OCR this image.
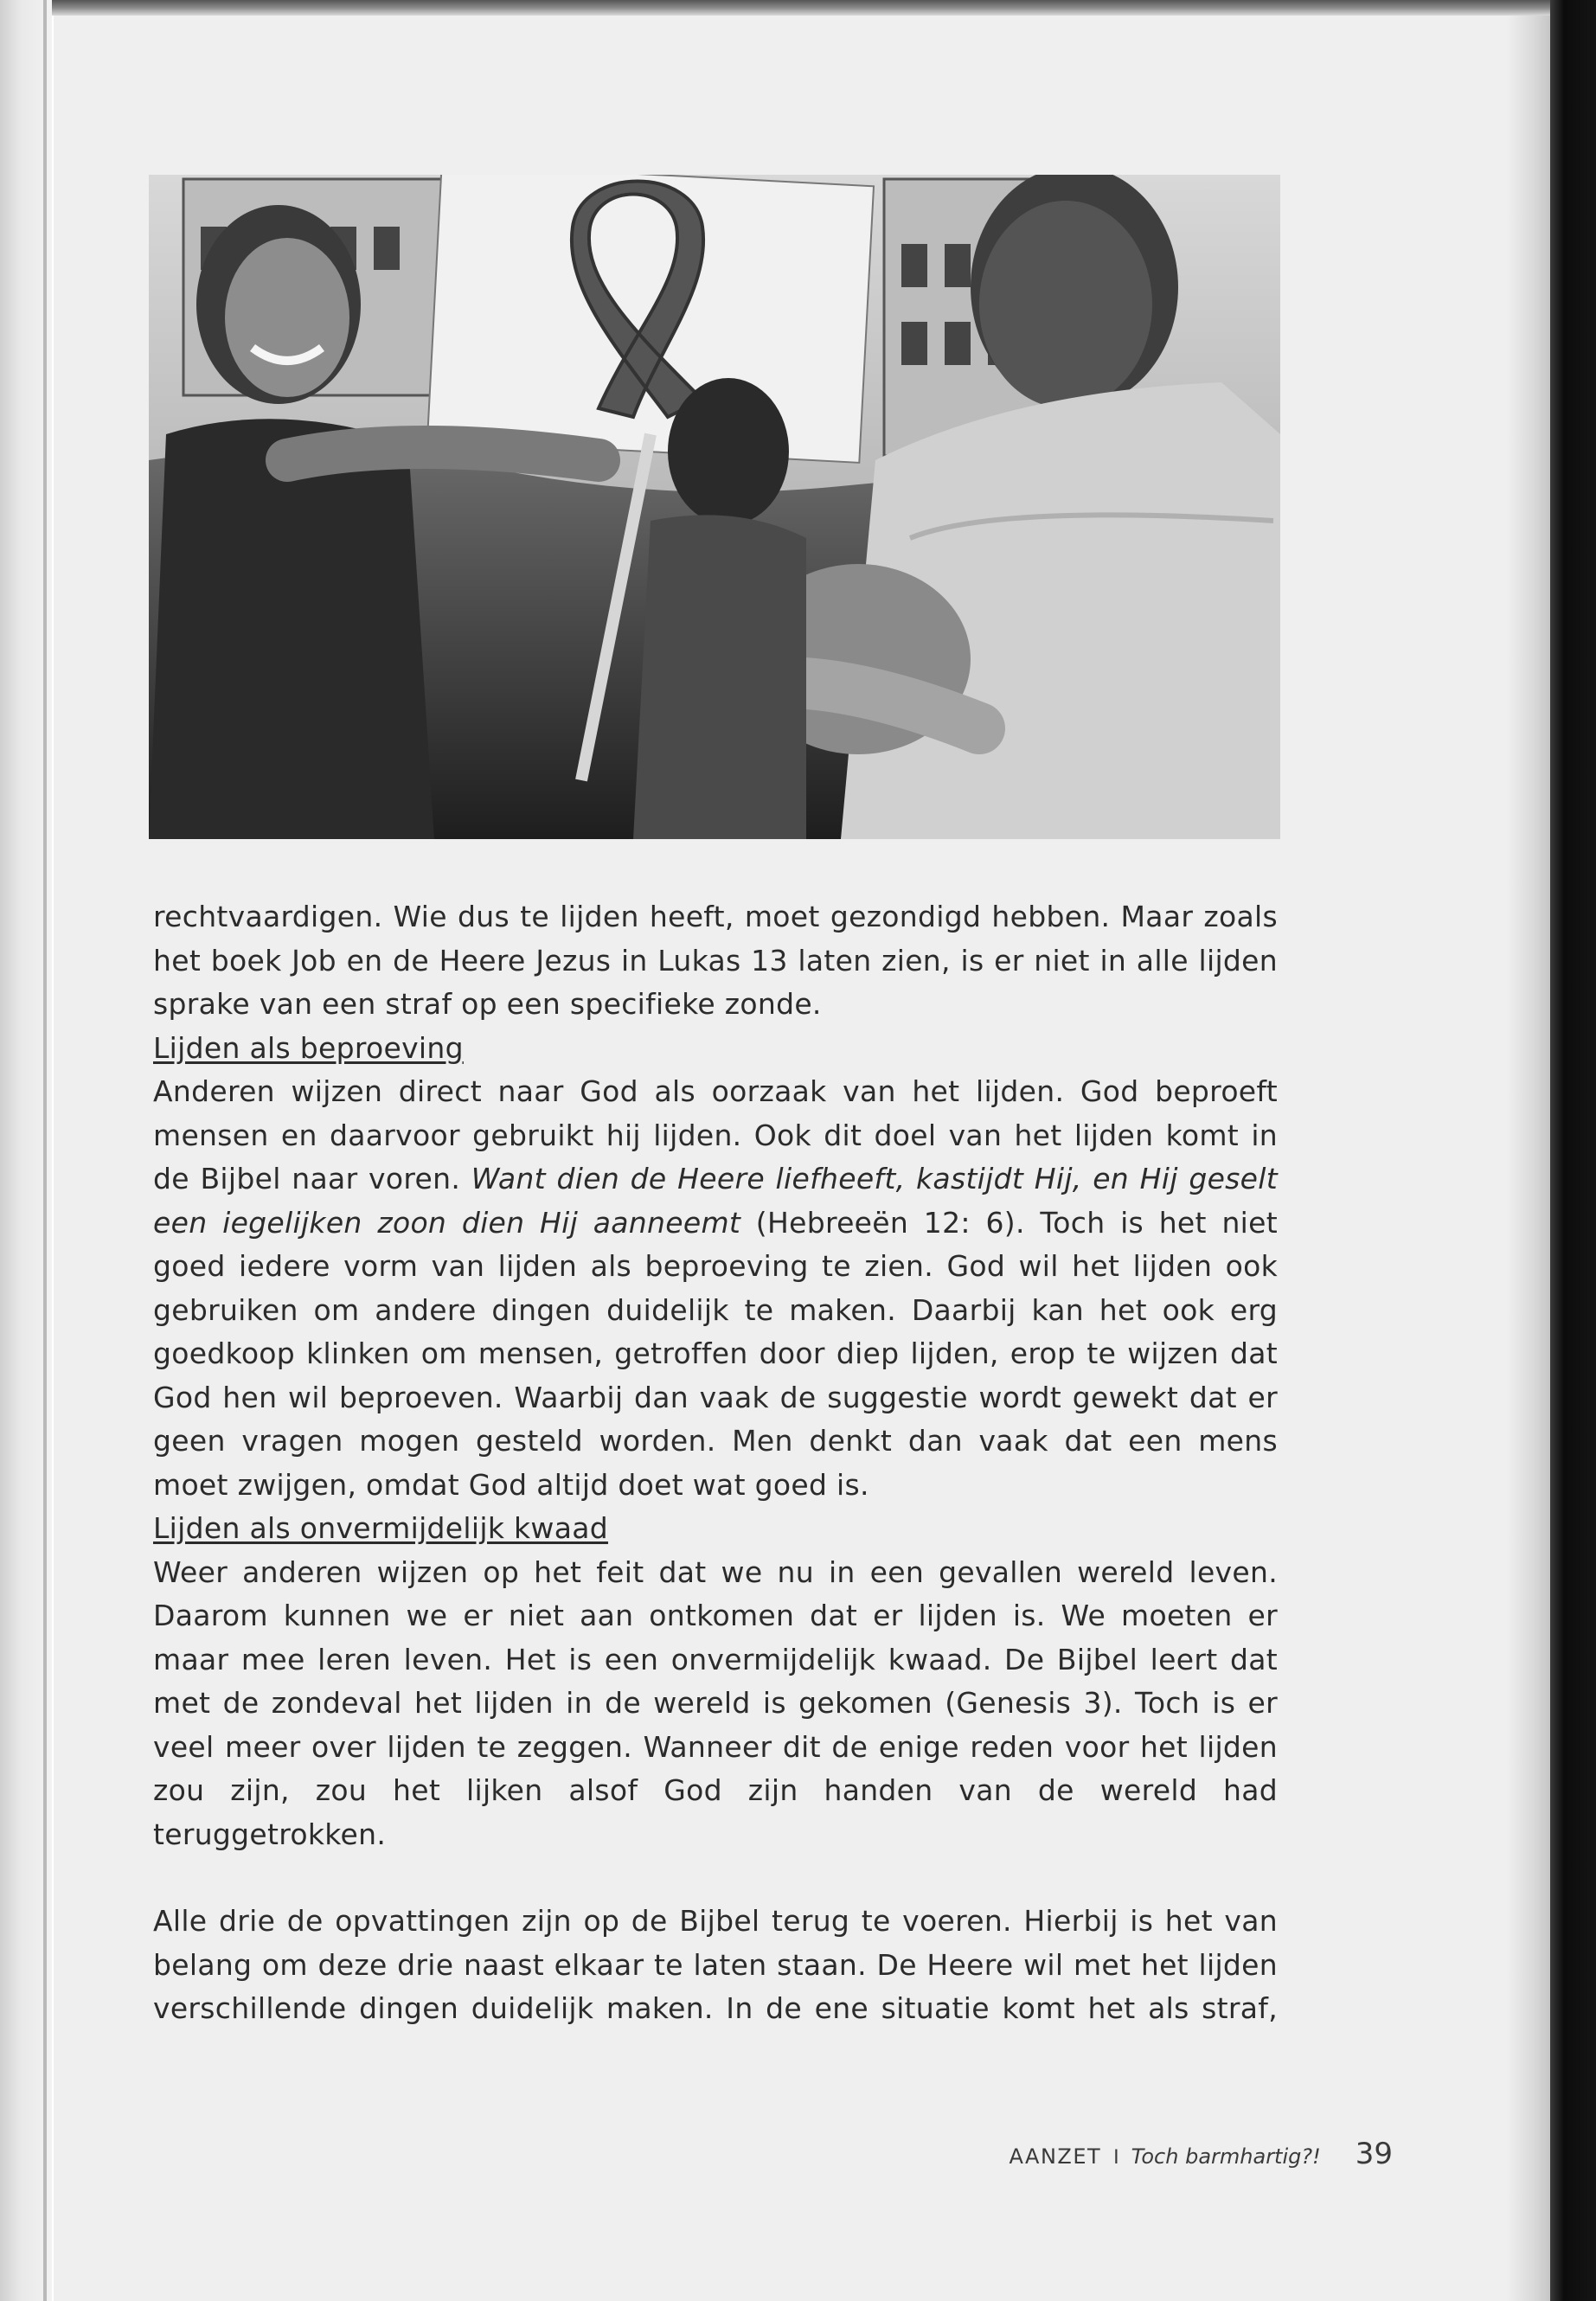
rechtvaardigen. Wie dus te lijden heeft, moet gezondigd hebben. Maar zoals het boek Job en de Heere Jezus in Lukas 13 laten zien, is er niet in alle lijden sprake van een straf op een specifieke zonde.

Lijden als beproeving

Anderen wijzen direct naar God als oorzaak van het lijden. God beproeft mensen en daarvoor gebruikt hij lijden. Ook dit doel van het lijden komt in de Bijbel naar voren. Want dien de Heere liefheeft, kastijdt Hij, en Hij geselt een iegelijken zoon dien Hij aanneemt (Hebreeën 12: 6). Toch is het niet goed iedere vorm van lijden als beproeving te zien. God wil het lijden ook gebruiken om andere dingen duidelijk te maken. Daarbij kan het ook erg goedkoop klinken om mensen, getroffen door diep lijden, erop te wijzen dat God hen wil beproeven. Waarbij dan vaak de suggestie wordt gewekt dat er geen vragen mogen gesteld worden. Men denkt dan vaak dat een mens moet zwijgen, omdat God altijd doet wat goed is.

Lijden als onvermijdelijk kwaad

Weer anderen wijzen op het feit dat we nu in een gevallen wereld leven. Daarom kunnen we er niet aan ontkomen dat er lijden is. We moeten er maar mee leren leven. Het is een onvermijdelijk kwaad. De Bijbel leert dat met de zondeval het lijden in de wereld is gekomen (Genesis 3). Toch is er veel meer over lijden te zeggen. Wanneer dit de enige reden voor het lijden zou zijn, zou het lijken alsof God zijn handen van de wereld had teruggetrokken.

Alle drie de opvattingen zijn op de Bijbel terug te voeren. Hierbij is het van belang om deze drie naast elkaar te laten staan. De Heere wil met het lijden verschillende dingen duidelijk maken. In de ene situatie komt het als straf,

AANZET I Toch barmhartig?! 39
